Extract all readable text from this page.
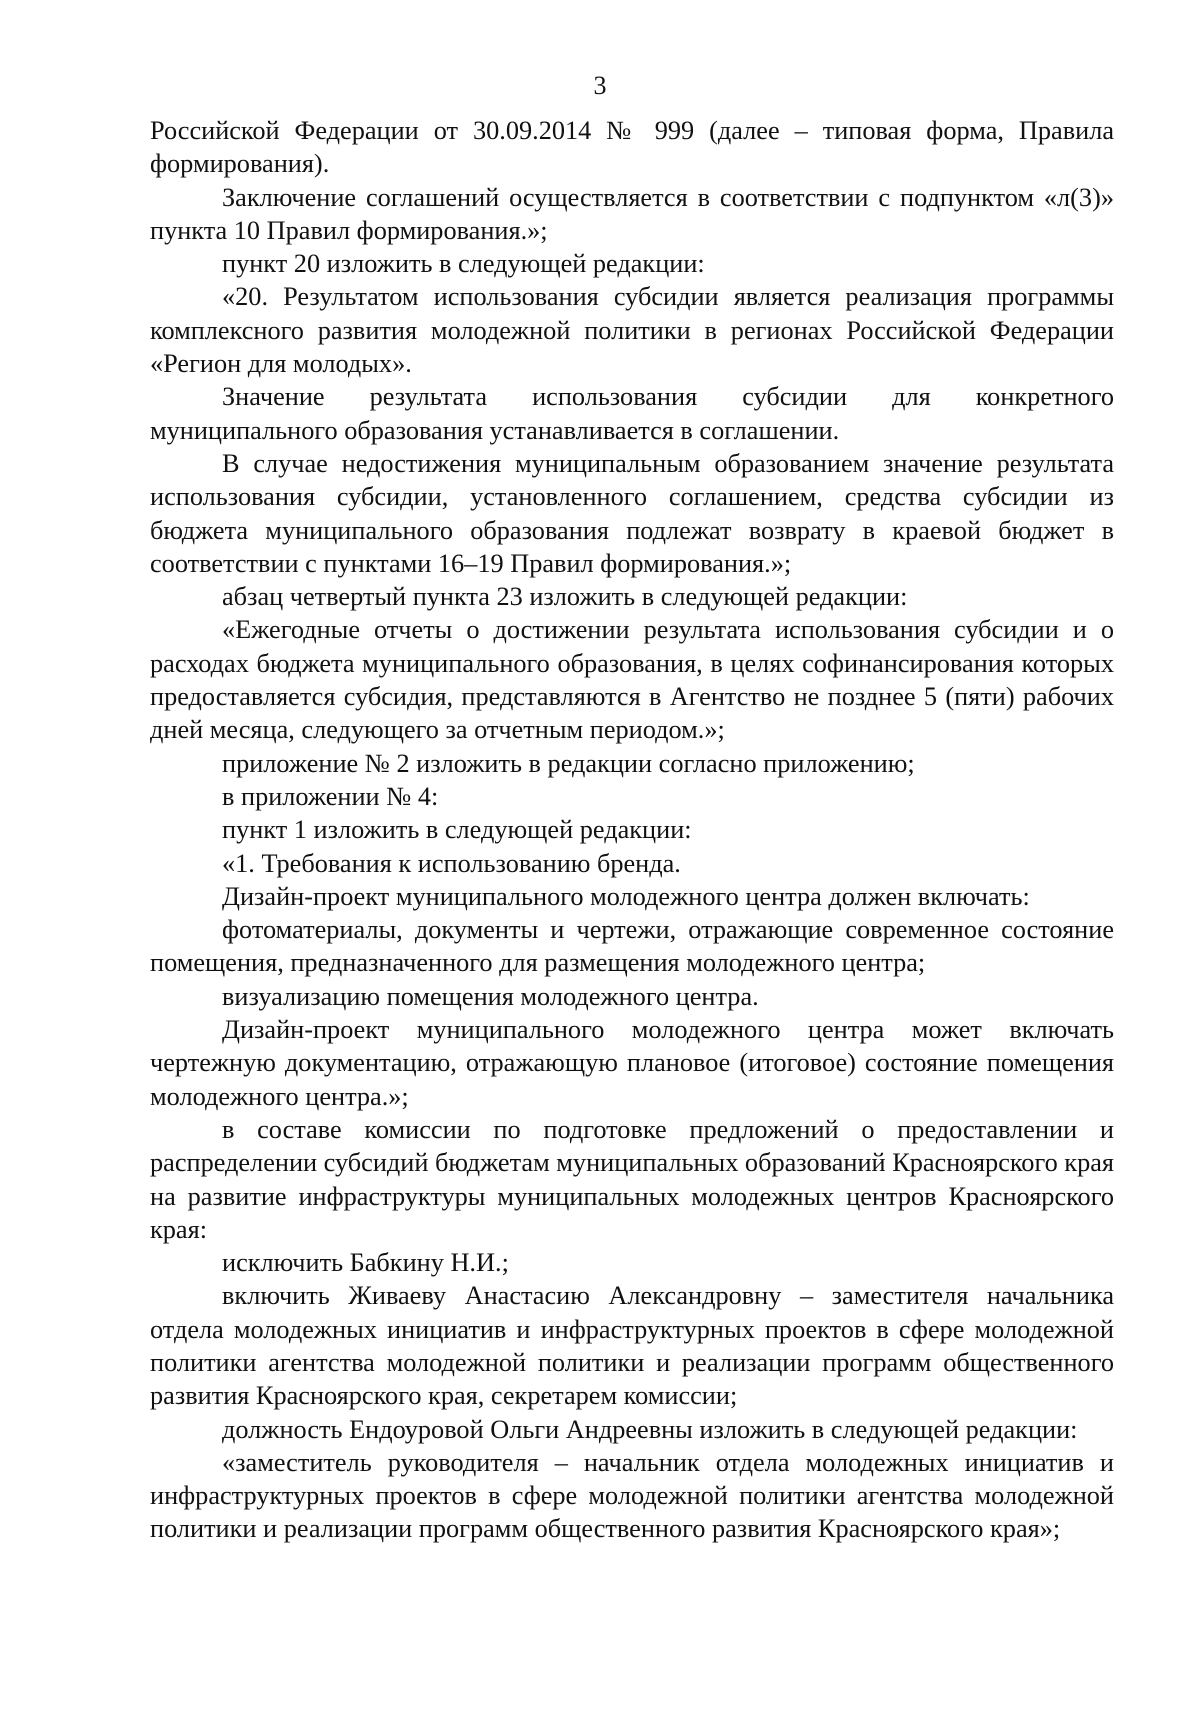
3

Российской Федерации от 30.09.2014 № 999 (далее – типовая форма, Правила формирования).

Заключение соглашений осуществляется в соответствии с подпунктом «л(3)» пункта 10 Правил формирования.»;

пункт 20 изложить в следующей редакции:

«20. Результатом использования субсидии является реализация программы комплексного развития молодежной политики в регионах Российской Федерации «Регион для молодых».

Значение результата использования субсидии для конкретного муниципального образования устанавливается в соглашении.

В случае недостижения муниципальным образованием значение результата использования субсидии, установленного соглашением, средства субсидии из бюджета муниципального образования подлежат возврату в краевой бюджет в соответствии с пунктами 16–19 Правил формирования.»;

абзац четвертый пункта 23 изложить в следующей редакции:

«Ежегодные отчеты о достижении результата использования субсидии и о расходах бюджета муниципального образования, в целях софинансирования которых предоставляется субсидия, представляются в Агентство не позднее 5 (пяти) рабочих дней месяца, следующего за отчетным периодом.»;

приложение № 2 изложить в редакции согласно приложению;

в приложении № 4:

пункт 1 изложить в следующей редакции:

«1. Требования к использованию бренда.

Дизайн-проект муниципального молодежного центра должен включать:

фотоматериалы, документы и чертежи, отражающие современное состояние помещения, предназначенного для размещения молодежного центра;

визуализацию помещения молодежного центра.

Дизайн-проект муниципального молодежного центра может включать чертежную документацию, отражающую плановое (итоговое) состояние помещения молодежного центра.»;

в составе комиссии по подготовке предложений о предоставлении и распределении субсидий бюджетам муниципальных образований Красноярского края на развитие инфраструктуры муниципальных молодежных центров Красноярского края:

исключить Бабкину Н.И.;

включить Живаеву Анастасию Александровну – заместителя начальника отдела молодежных инициатив и инфраструктурных проектов в сфере молодежной политики агентства молодежной политики и реализации программ общественного развития Красноярского края, секретарем комиссии;

должность Ендоуровой Ольги Андреевны изложить в следующей редакции:

«заместитель руководителя – начальник отдела молодежных инициатив и инфраструктурных проектов в сфере молодежной политики агентства молодежной политики и реализации программ общественного развития Красноярского края»;
